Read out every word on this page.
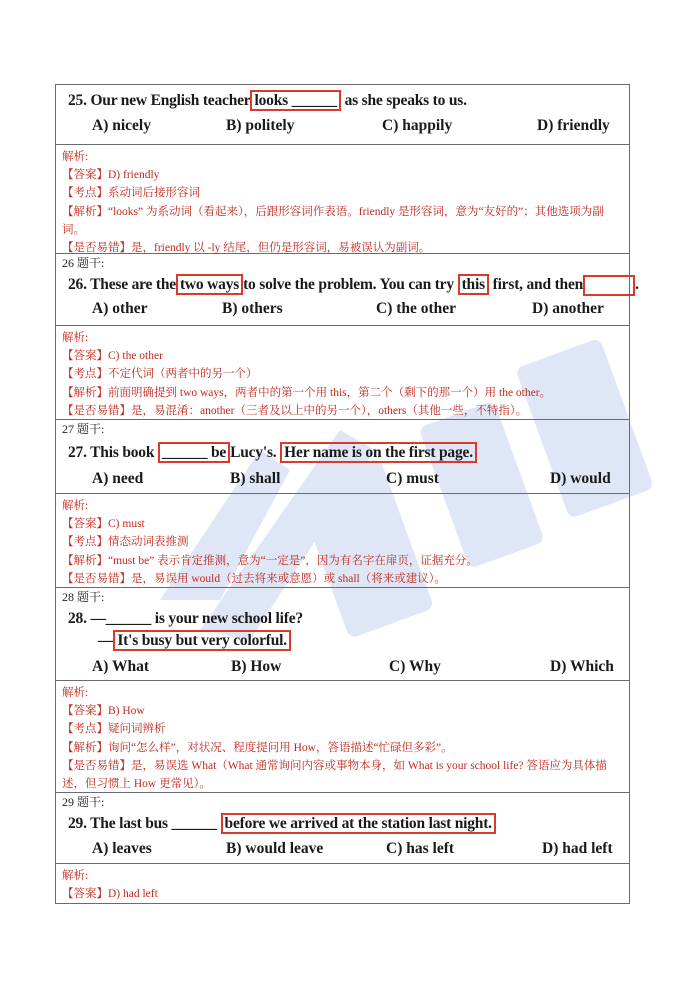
25. Our new English teacher looks ______ as she speaks to us.
A) nicely	B) politely	C) happily	D) friendly
解析:
【答案】D) friendly
【考点】系动词后接形容词
【解析】“looks” 为系动词（看起来），后跟形容词作表语。friendly 是形容词，意为“友好的”；其他选项为副词。
【是否易错】是，friendly 以 -ly 结尾，但仍是形容词，易被误认为副词。
26 题干:
26. These are the two ways to solve the problem. You can try this first, and then	.
A) other	B) others	C) the other	D) another
解析:
【答案】C) the other
【考点】不定代词（两者中的另一个）
【解析】前面明确提到 two ways，两者中的第一个用 this，第二个（剩下的那一个）用 the other。
【是否易错】是，易混淆：another（三者及以上中的另一个），others（其他一些，不特指）。
27 题干:
27. This book ______ be Lucy's. Her name is on the first page.
A) need	B) shall	C) must	D) would
解析:
【答案】C) must
【考点】情态动词表推测
【解析】“must be” 表示肯定推测，意为“一定是”，因为有名字在扉页，证据充分。
【是否易错】是，易误用 would（过去将来或意愿）或 shall（将来或建议）。
28 题干:
28. —______ is your new school life?
— It's busy but very colorful.
A) What	B) How	C) Why	D) Which
解析:
【答案】B) How
【考点】疑问词辨析
【解析】询问“怎么样”，对状况、程度提问用 How，答语描述“忙碌但多彩”。
【是否易错】是，易误选 What（What 通常询问内容或事物本身，如 What is your school life? 答语应为具体描述，但习惯上 How 更常见）。
29 题干:
29. The last bus ______ before we arrived at the station last night.
A) leaves	B) would leave	C) has left	D) had left
解析:
【答案】D) had left
